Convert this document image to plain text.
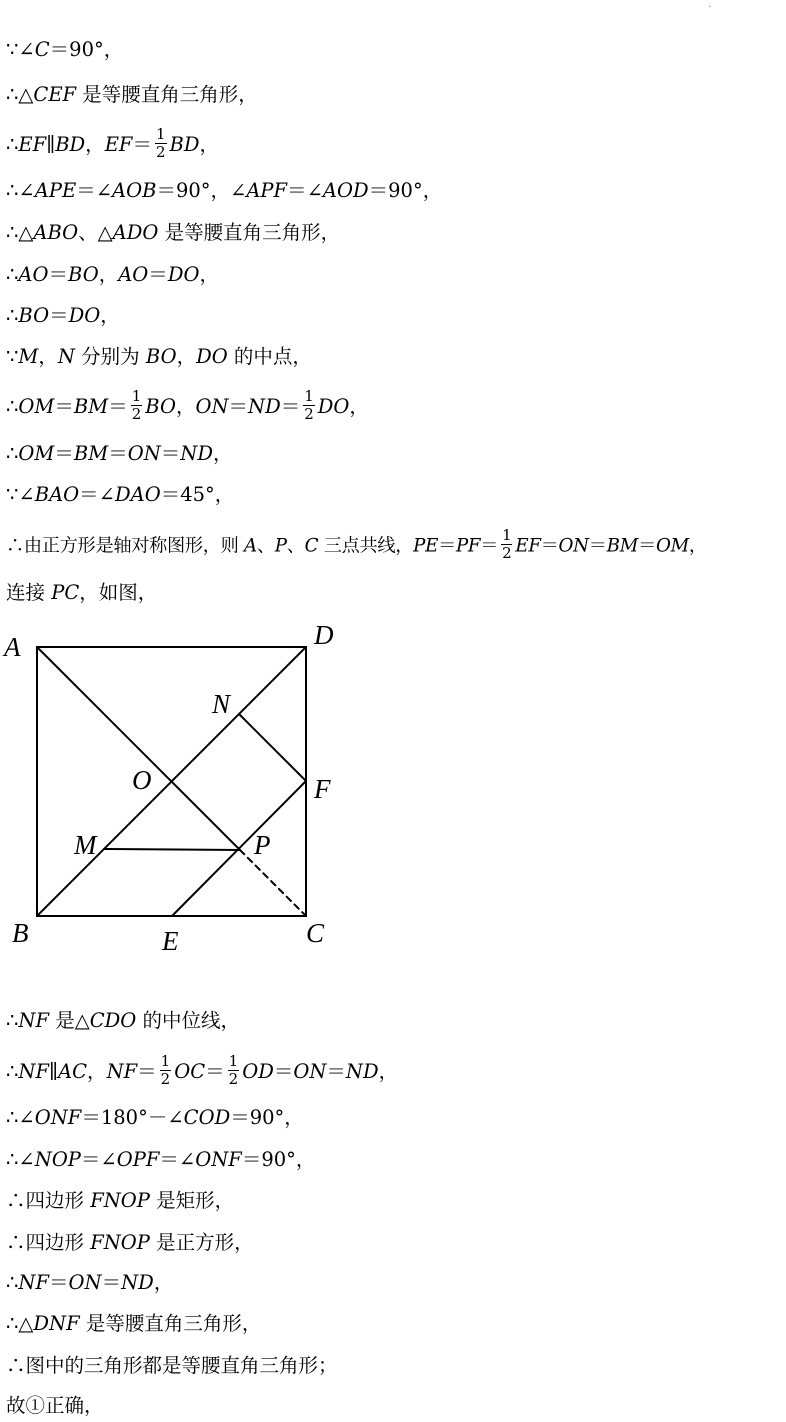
·
∵∠C＝90°，
∴△CEF 是等腰直角三角形，
∴EF∥BD，$EF= \frac{1}{2}$ BD，
∴∠APE＝∠AOB＝90°，∠APF＝∠AOD＝90°，
∴△ABO、△ADO 是等腰直角三角形，
∴AO＝BO，AO＝DO，
∴BO＝DO，
∵M，N 分别为 BO，DO 的中点，
∴OM＝BM＝ $\frac{1}{2}$ BO，$ON=ND= \frac{1}{2}$ DO，
∴OM＝BM＝ON＝ND，
∵∠BAO＝∠DAO＝45°，
∴由正方形是轴对称图形，则 A、P、C 三点共线，$PE=PF= \frac{1}{2} EF=ON=BM=OM$，
连接 PC，如图，
A	D
B	C
O
N
F
M	P
E
∴NF 是△CDO 的中位线，
∴NF∥AC，$NF= \frac{1}{2} OC= \frac{1}{2} OD=ON=ND$，
∴∠ONF＝180°－∠COD＝90°，
∴∠NOP＝∠OPF＝∠ONF＝90°，
∴四边形 FNOP 是矩形，
∴四边形 FNOP 是正方形，
∴NF＝ON＝ND，
∴△DNF 是等腰直角三角形，
∴图中的三角形都是等腰直角三角形；
故①正确，
